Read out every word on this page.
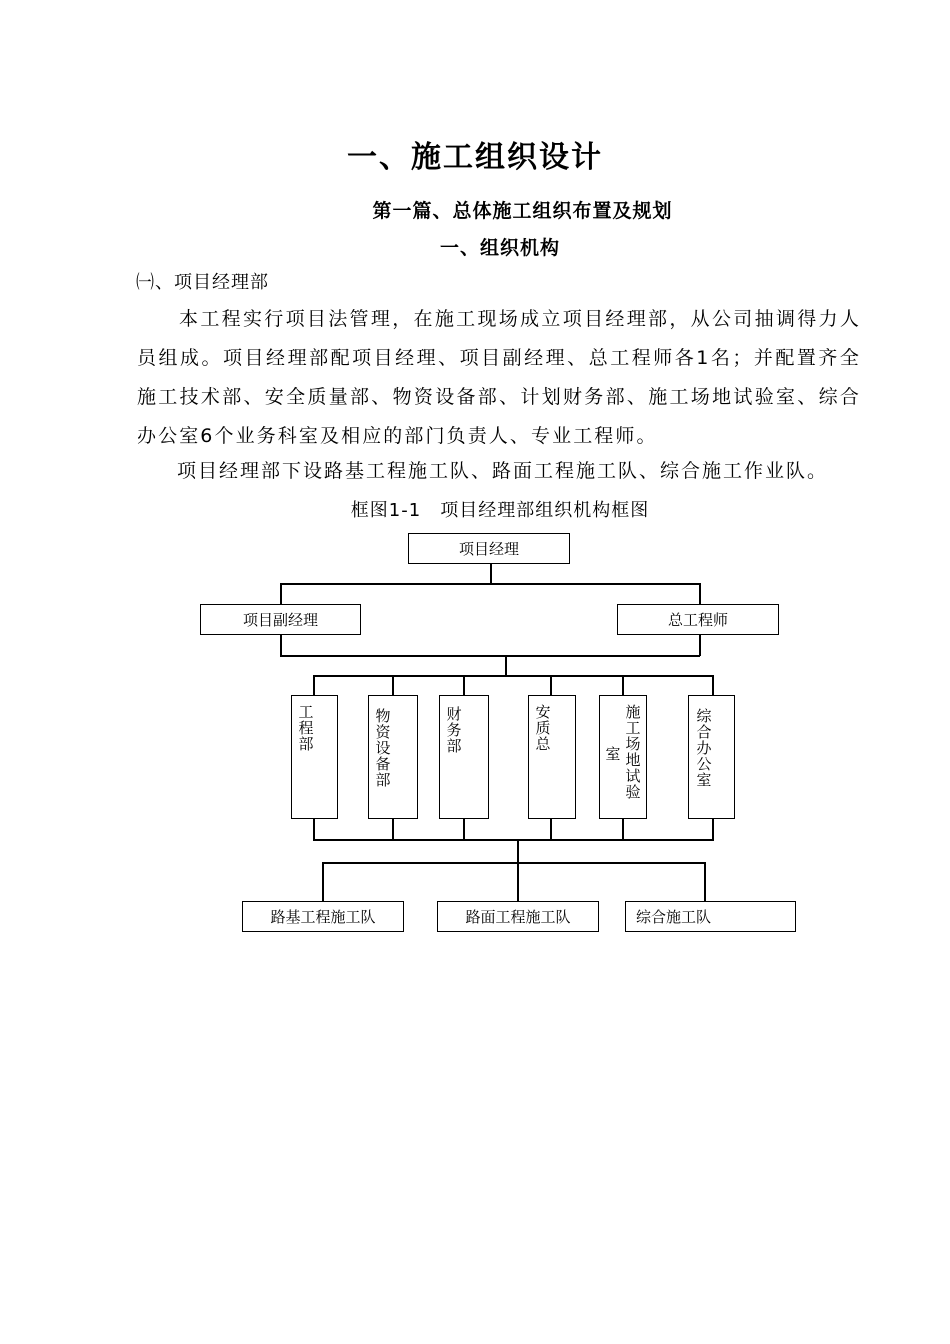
一、施工组织设计
第一篇、总体施工组织布置及规划
一、组织机构
㈠、项目经理部
本工程实行项目法管理，在施工现场成立项目经理部，从公司抽调得力人员组成。项目经理部配项目经理、项目副经理、总工程师各1名；并配置齐全施工技术部、安全质量部、物资设备部、计划财务部、施工场地试验室、综合办公室6个业务科室及相应的部门负责人、专业工程师。
项目经理部下设路基工程施工队、路面工程施工队、综合施工作业队。
框图1-1　项目经理部组织机构框图
项目经理
项目副经理	总工程师
工程部
物资设备部
财务部
安质总
室
施工场地试验
综合办公室
路基工程施工队	路面工程施工队	综合施工队
